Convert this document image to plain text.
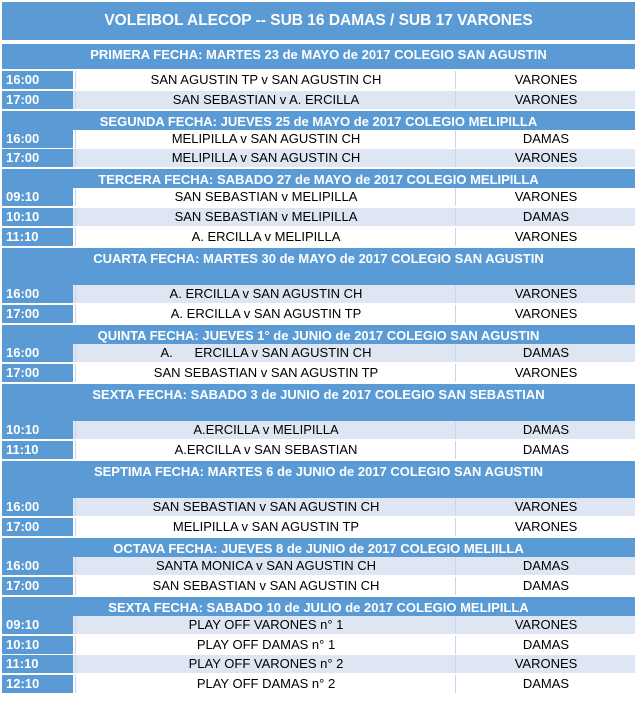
VOLEIBOL ALECOP -- SUB 16 DAMAS / SUB 17 VARONES
PRIMERA FECHA: MARTES 23 de MAYO de 2017 COLEGIO SAN AGUSTIN
16:00	SAN AGUSTIN TP v SAN AGUSTIN CH	VARONES
17:00	SAN SEBASTIAN v A. ERCILLA	VARONES
SEGUNDA FECHA: JUEVES 25 de MAYO de 2017 COLEGIO MELIPILLA
16:00	MELIPILLA v SAN AGUSTIN CH	DAMAS
17:00	MELIPILLA v SAN AGUSTIN CH	VARONES
TERCERA FECHA: SABADO 27 de MAYO de 2017 COLEGIO MELIPILLA
09:10	SAN SEBASTIAN v MELIPILLA	VARONES
10:10	SAN SEBASTIAN v MELIPILLA	DAMAS
11:10	A. ERCILLA v MELIPILLA	VARONES
CUARTA FECHA: MARTES 30 de MAYO de 2017 COLEGIO SAN AGUSTIN
16:00	A. ERCILLA v SAN AGUSTIN CH	VARONES
17:00	A. ERCILLA v SAN AGUSTIN TP	VARONES
QUINTA FECHA: JUEVES 1° de JUNIO de 2017 COLEGIO SAN AGUSTIN
16:00	A.      ERCILLA v SAN AGUSTIN CH	DAMAS
17:00	SAN SEBASTIAN v SAN AGUSTIN TP	VARONES
SEXTA FECHA: SABADO 3 de JUNIO de 2017 COLEGIO SAN SEBASTIAN
10:10	A.ERCILLA v MELIPILLA	DAMAS
11:10	A.ERCILLA v SAN SEBASTIAN	DAMAS
SEPTIMA FECHA: MARTES 6 de JUNIO de 2017 COLEGIO SAN AGUSTIN
16:00	SAN SEBASTIAN v SAN AGUSTIN CH	VARONES
17:00	MELIPILLA v SAN AGUSTIN TP	VARONES
OCTAVA FECHA: JUEVES 8 de JUNIO de 2017 COLEGIO MELIILLA
16:00	SANTA MONICA v SAN AGUSTIN CH	DAMAS
17:00	SAN SEBASTIAN v SAN AGUSTIN CH	DAMAS
SEXTA FECHA: SABADO 10 de JULIO de 2017 COLEGIO MELIPILLA
09:10	PLAY OFF VARONES n° 1	VARONES
10:10	PLAY OFF DAMAS n° 1	DAMAS
11:10	PLAY OFF VARONES n° 2	VARONES
12:10	PLAY OFF DAMAS n° 2	DAMAS
